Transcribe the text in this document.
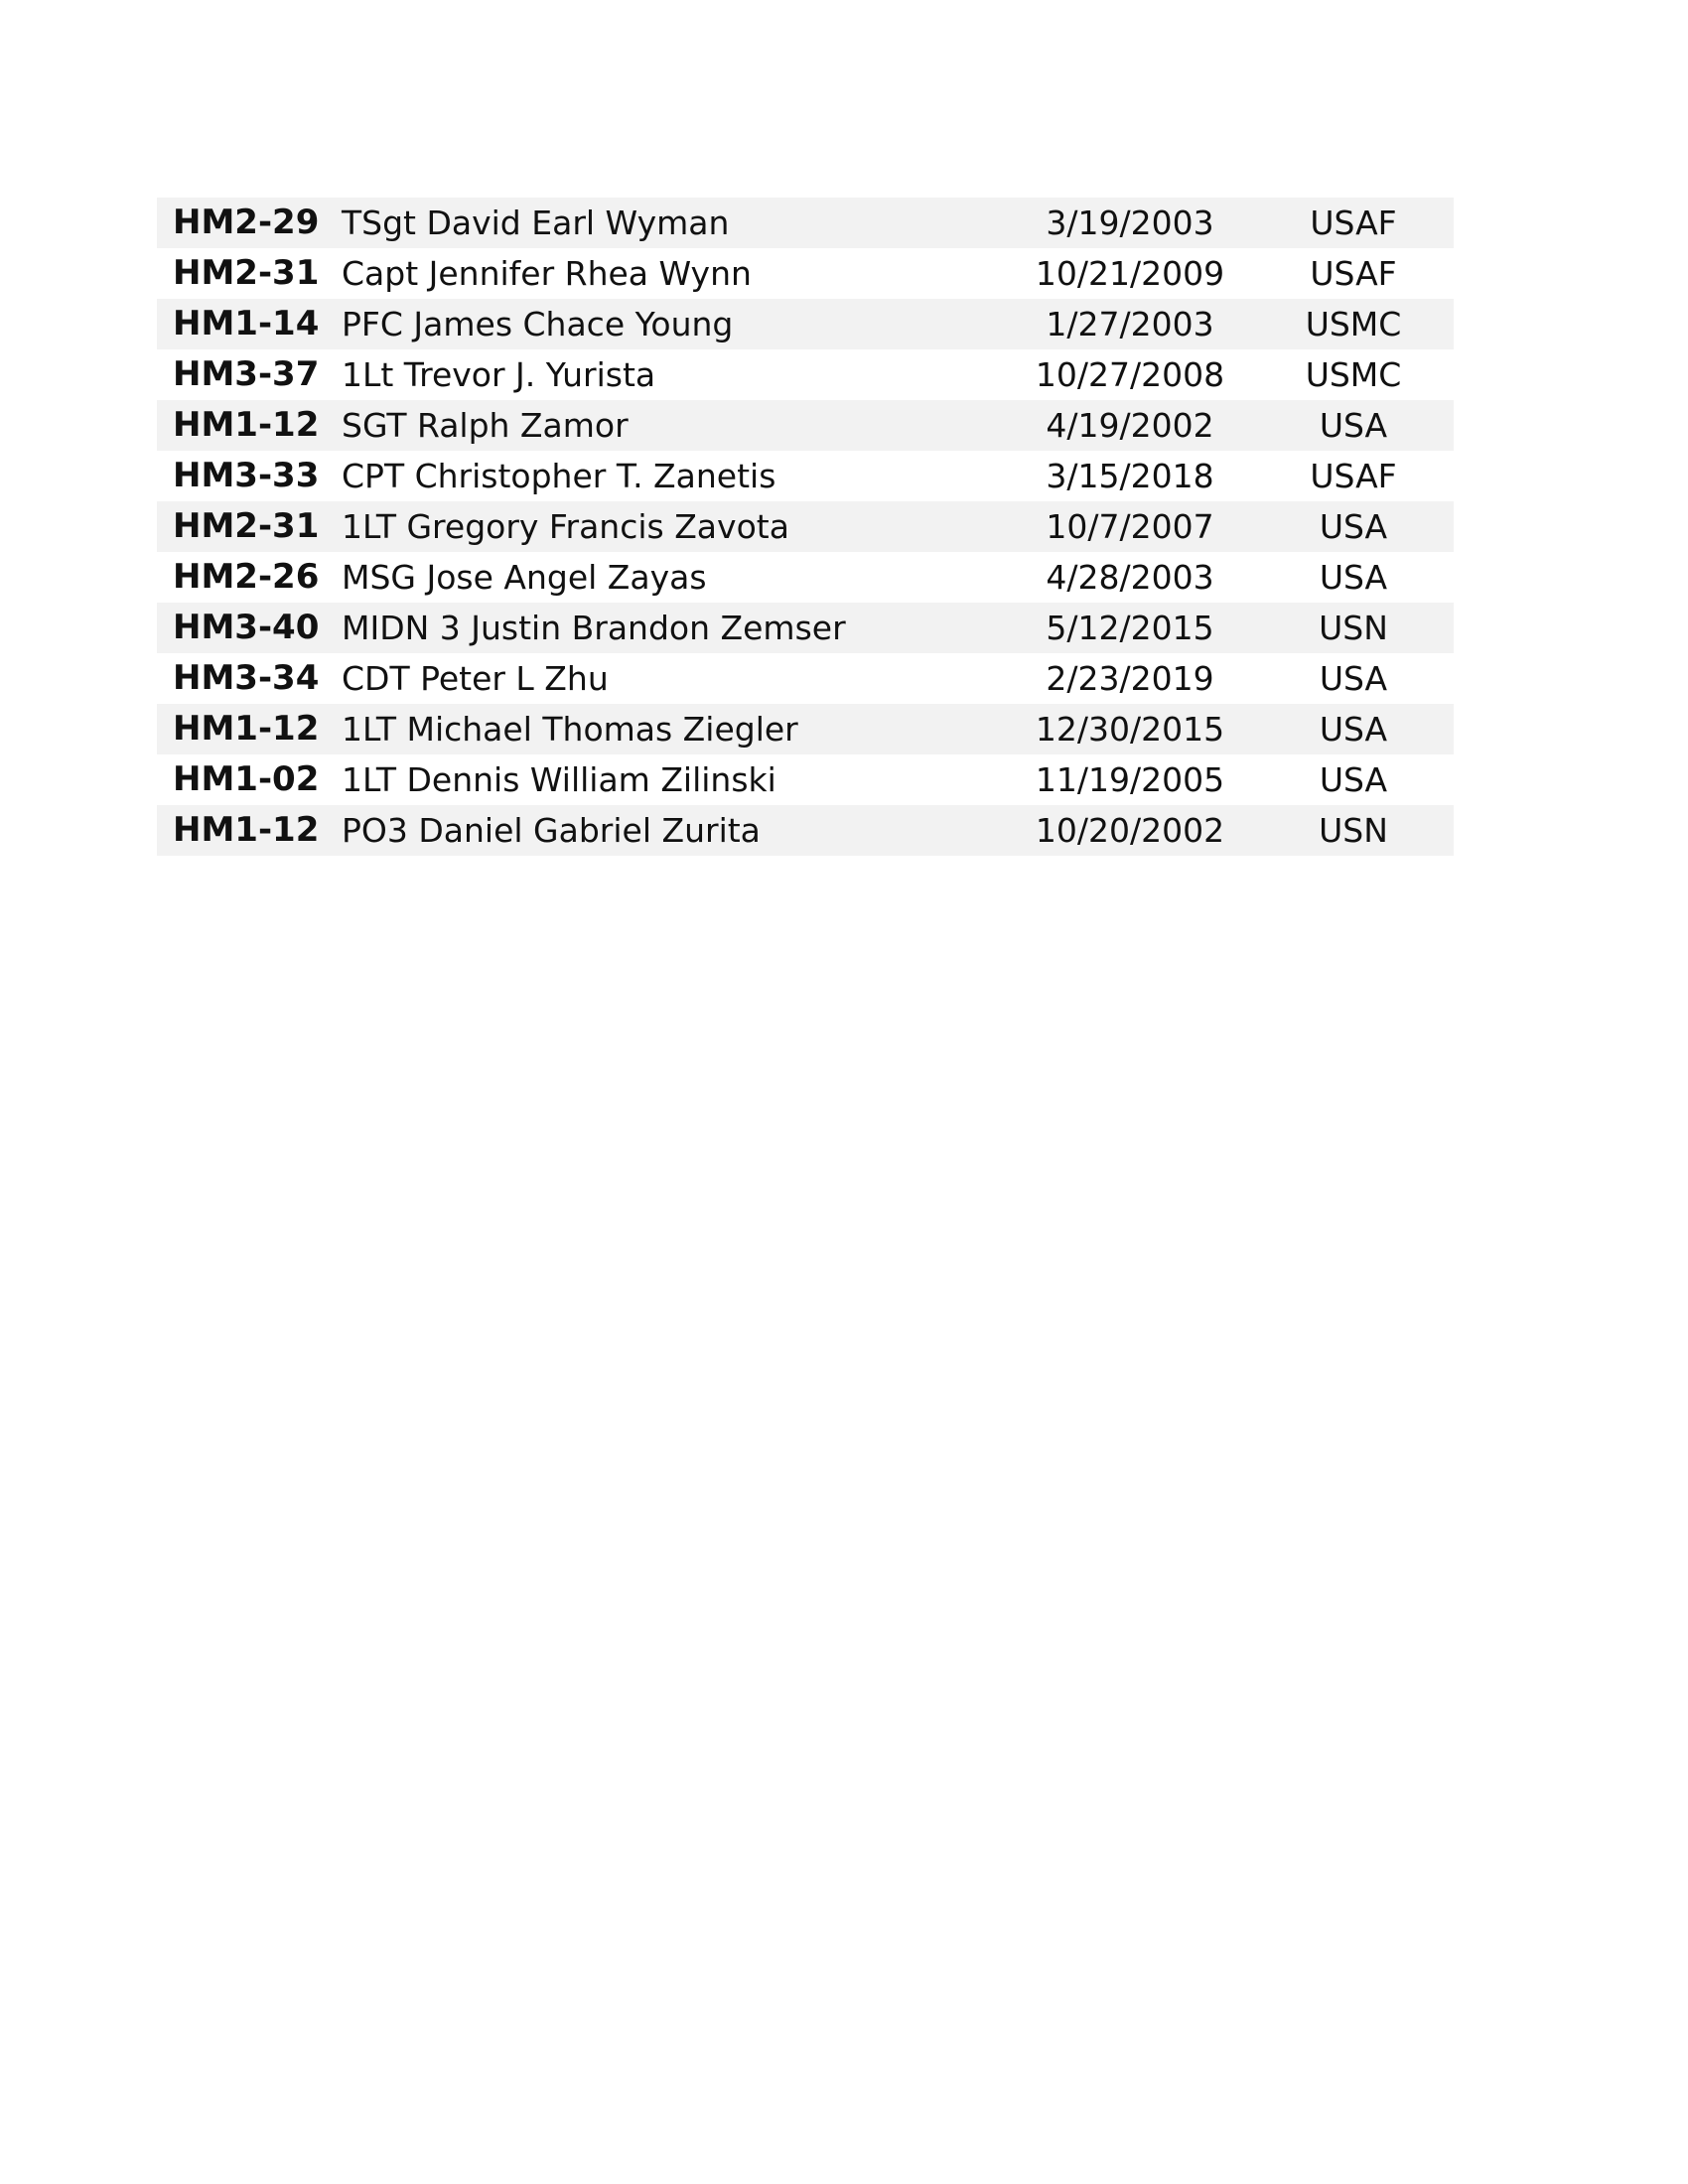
HM2-29 TSgt David Earl Wyman	3/19/2003	USAF
HM2-31 Capt Jennifer Rhea Wynn	10/21/2009	USAF
HM1-14 PFC James Chace Young	1/27/2003	USMC
HM3-37 1Lt Trevor J. Yurista	10/27/2008	USMC
HM1-12 SGT Ralph Zamor	4/19/2002	USA
HM3-33 CPT Christopher T. Zanetis	3/15/2018	USAF
HM2-31 1LT Gregory Francis Zavota	10/7/2007	USA
HM2-26 MSG Jose Angel Zayas	4/28/2003	USA
HM3-40 MIDN 3 Justin Brandon Zemser	5/12/2015	USN
HM3-34 CDT Peter L Zhu	2/23/2019	USA
HM1-12 1LT Michael Thomas Ziegler	12/30/2015	USA
HM1-02 1LT Dennis William Zilinski	11/19/2005	USA
HM1-12 PO3 Daniel Gabriel Zurita	10/20/2002	USN
